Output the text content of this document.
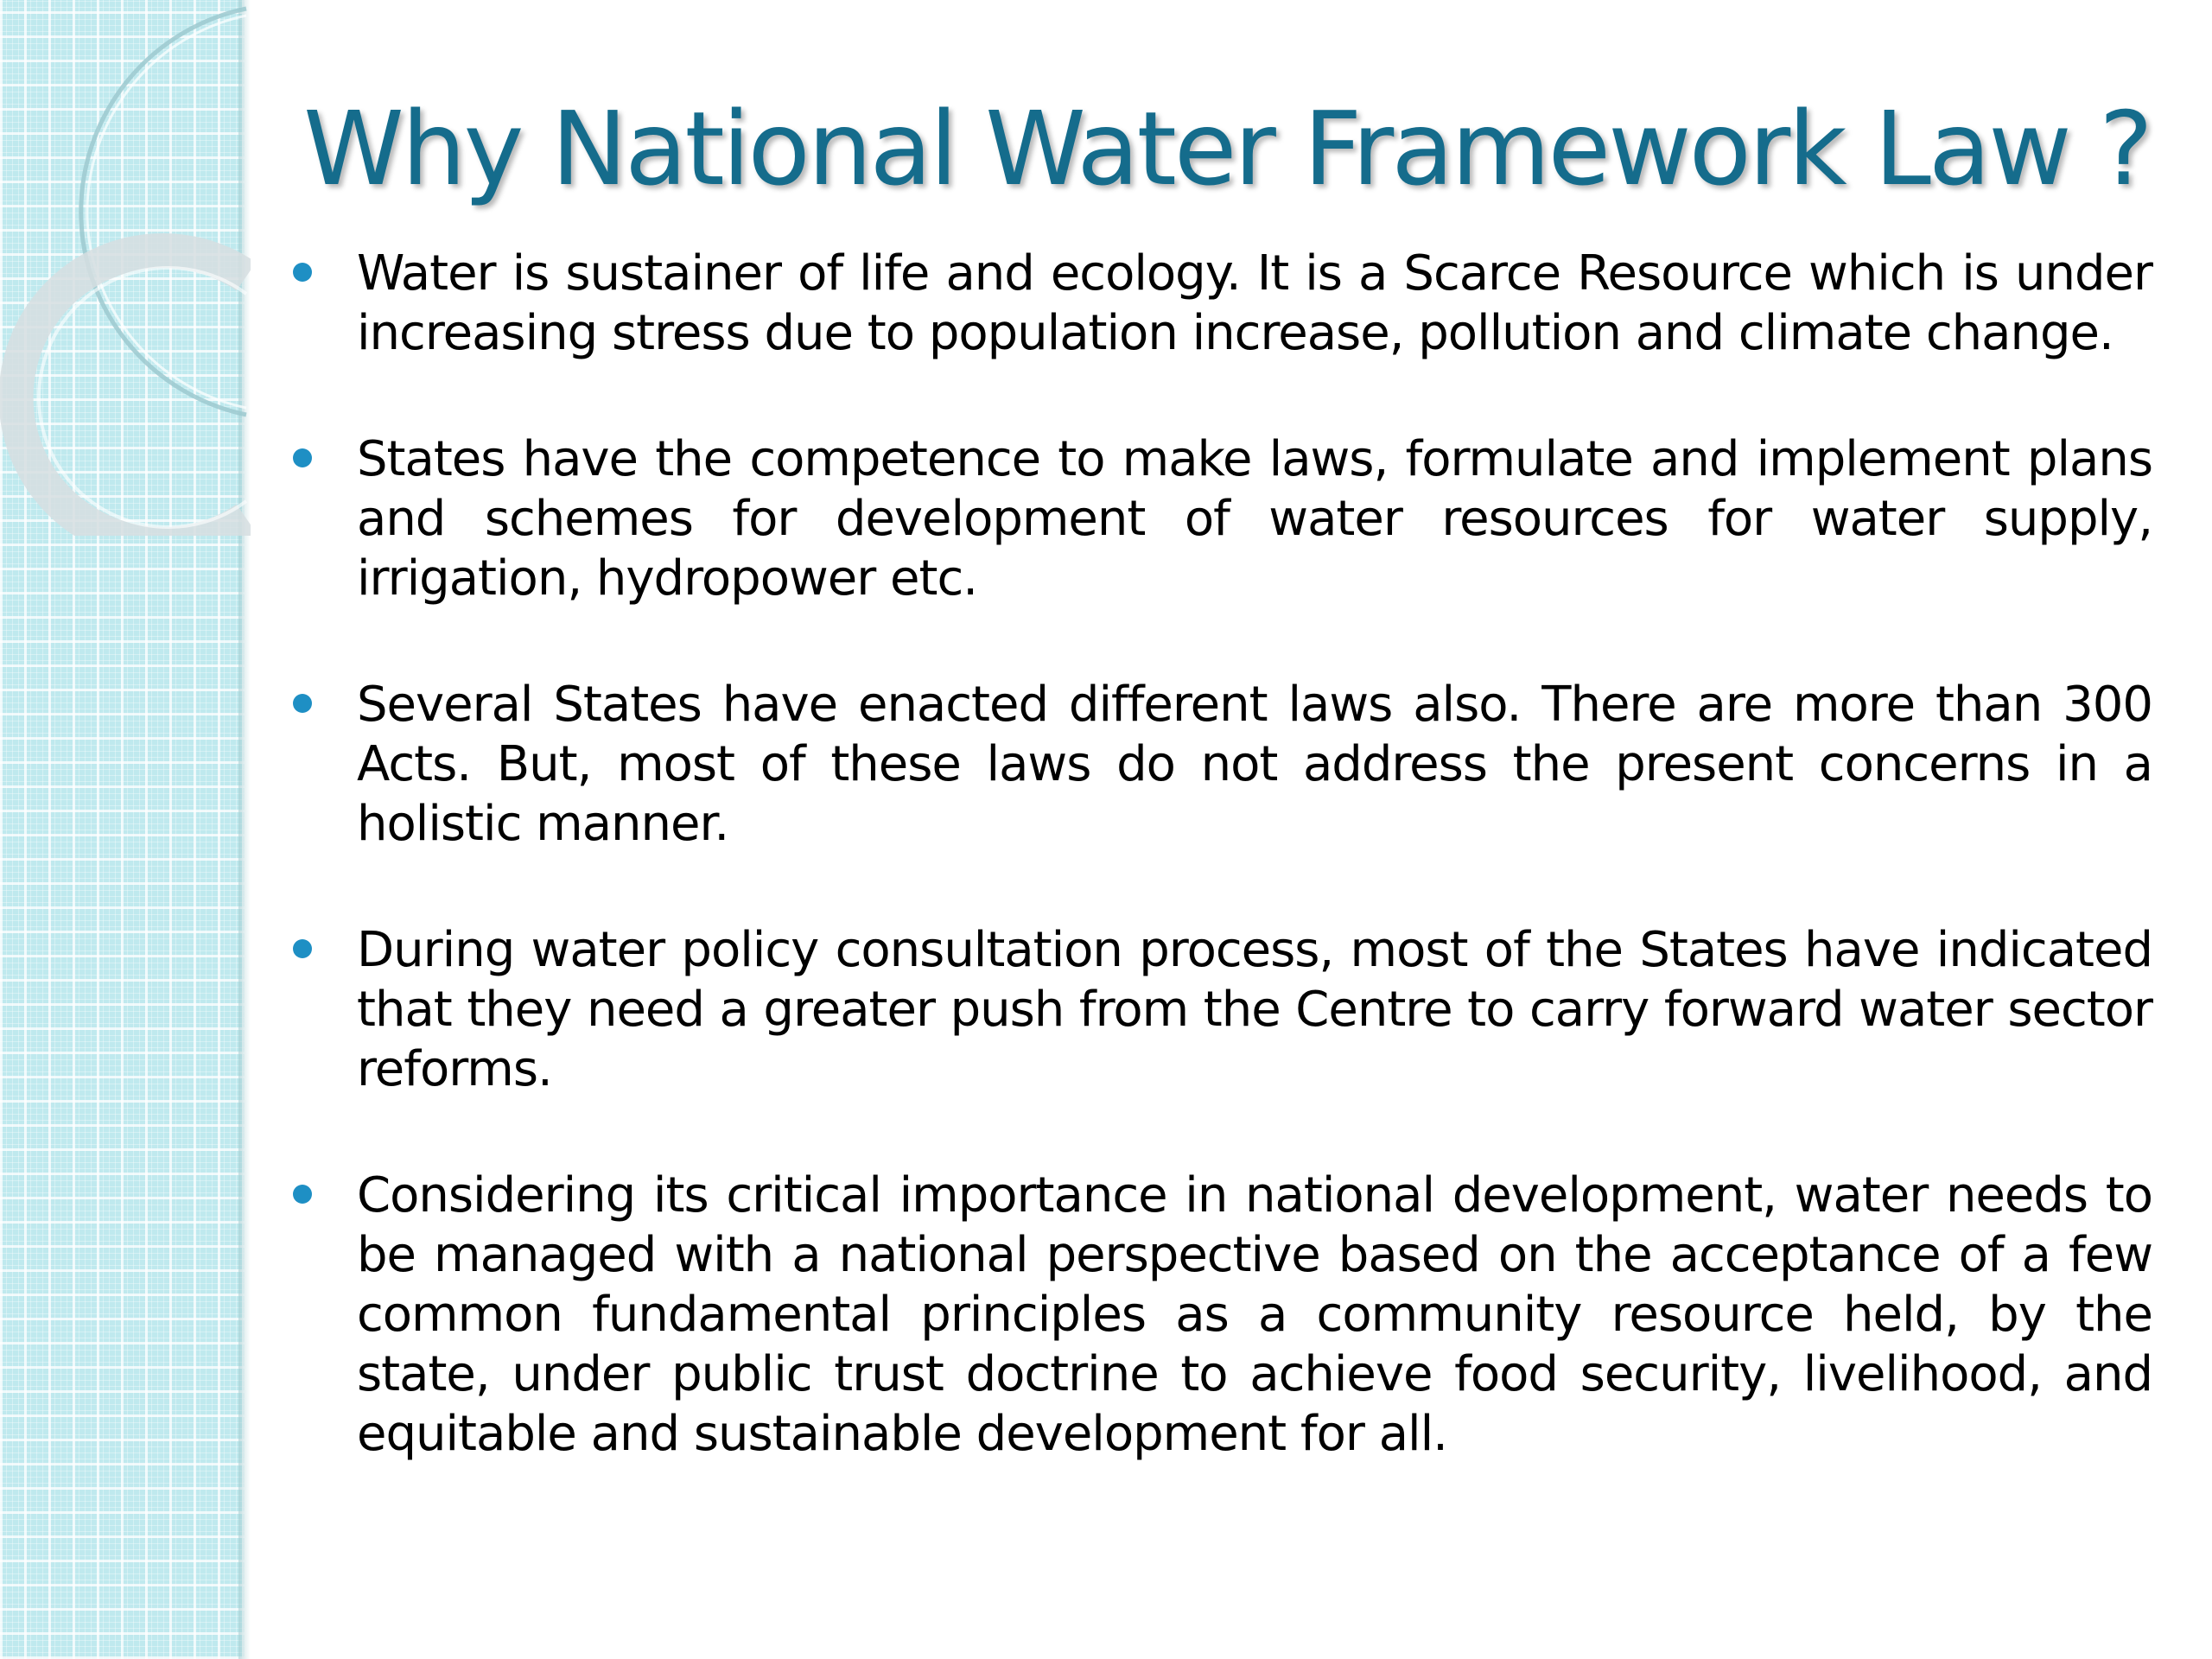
Why National Water Framework Law ?
Water is sustainer of life and ecology. It is a Scarce Resource which is under increasing stress due to population increase, pollution and climate change.
States have the competence to make laws, formulate and implement plans and schemes for development of water resources for water supply, irrigation, hydropower etc.
Several States have enacted different laws also. There are more than 300 Acts. But, most of these laws do not address the present concerns in a holistic manner.
During water policy consultation process, most of the States have indicated that they need a greater push from the Centre to carry forward water sector reforms.
Considering its critical importance in national development, water needs to be managed with a national perspective based on the acceptance of a few common fundamental principles as a community resource held, by the state, under public trust doctrine to achieve food security, livelihood, and equitable and sustainable development for all.
